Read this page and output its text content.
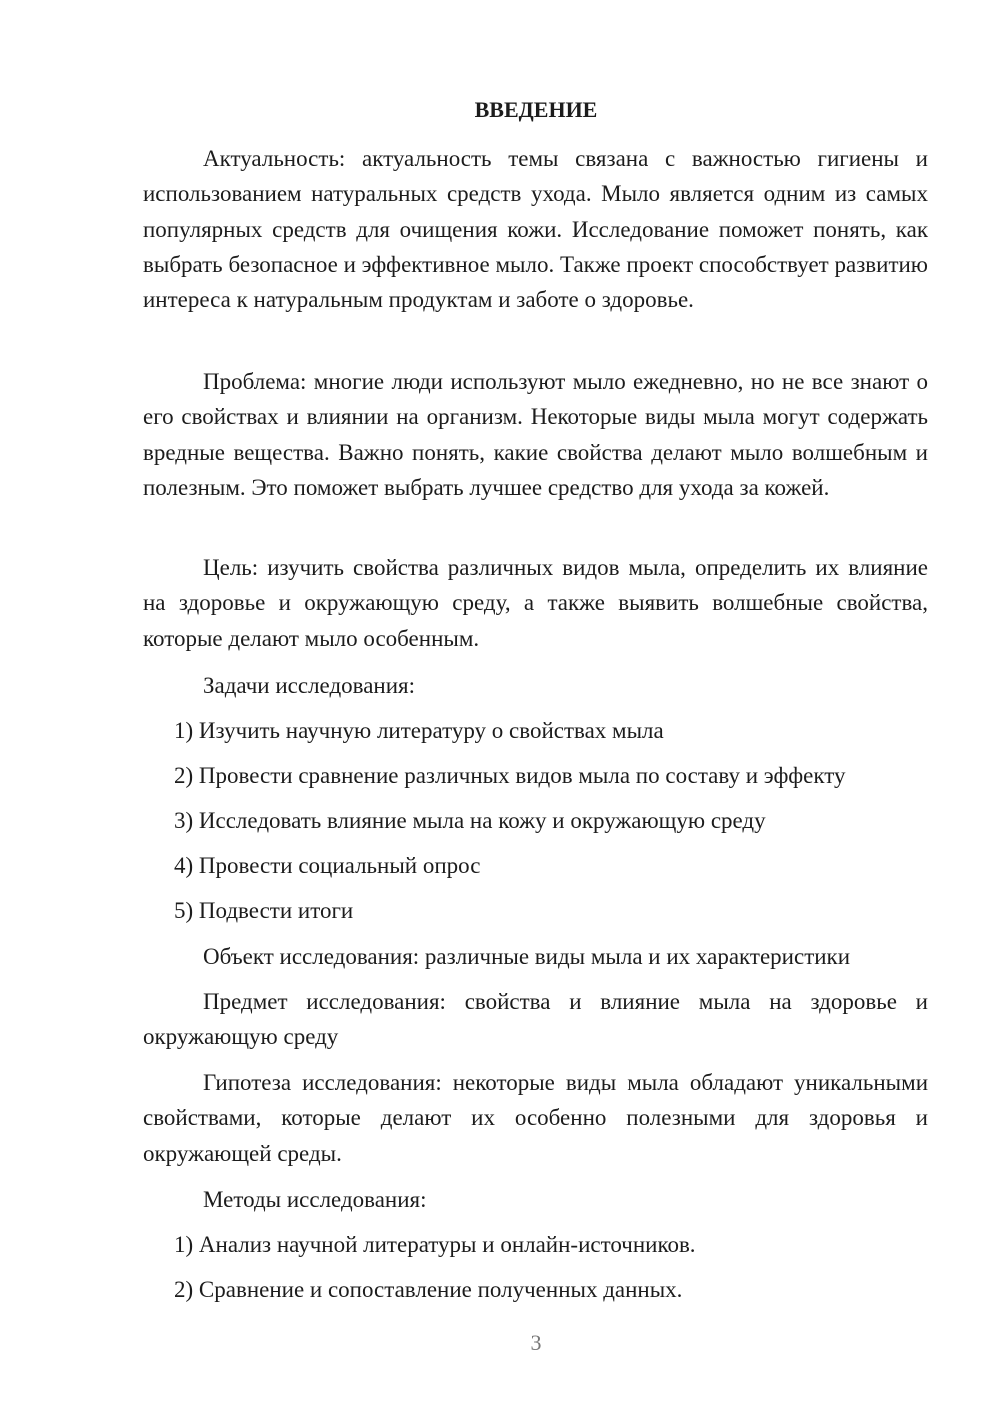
ВВЕДЕНИЕ
Актуальность: актуальность темы связана с важностью гигиены и использованием натуральных средств ухода. Мыло является одним из самых популярных средств для очищения кожи. Исследование поможет понять, как выбрать безопасное и эффективное мыло. Также проект способствует развитию интереса к натуральным продуктам и заботе о здоровье.
Проблема: многие люди используют мыло ежедневно, но не все знают о его свойствах и влиянии на организм. Некоторые виды мыла могут содержать вредные вещества. Важно понять, какие свойства делают мыло волшебным и полезным. Это поможет выбрать лучшее средство для ухода за кожей.
Цель: изучить свойства различных видов мыла, определить их влияние на здоровье и окружающую среду, а также выявить волшебные свойства, которые делают мыло особенным.
Задачи исследования:
1) Изучить научную литературу о свойствах мыла
2) Провести сравнение различных видов мыла по составу и эффекту
3) Исследовать влияние мыла на кожу и окружающую среду
4) Провести социальный опрос
5) Подвести итоги
Объект исследования: различные виды мыла и их характеристики
Предмет исследования: свойства и влияние мыла на здоровье и окружающую среду
Гипотеза исследования: некоторые виды мыла обладают уникальными свойствами, которые делают их особенно полезными для здоровья и окружающей среды.
Методы исследования:
1) Анализ научной литературы и онлайн-источников.
2) Сравнение и сопоставление полученных данных.
3
